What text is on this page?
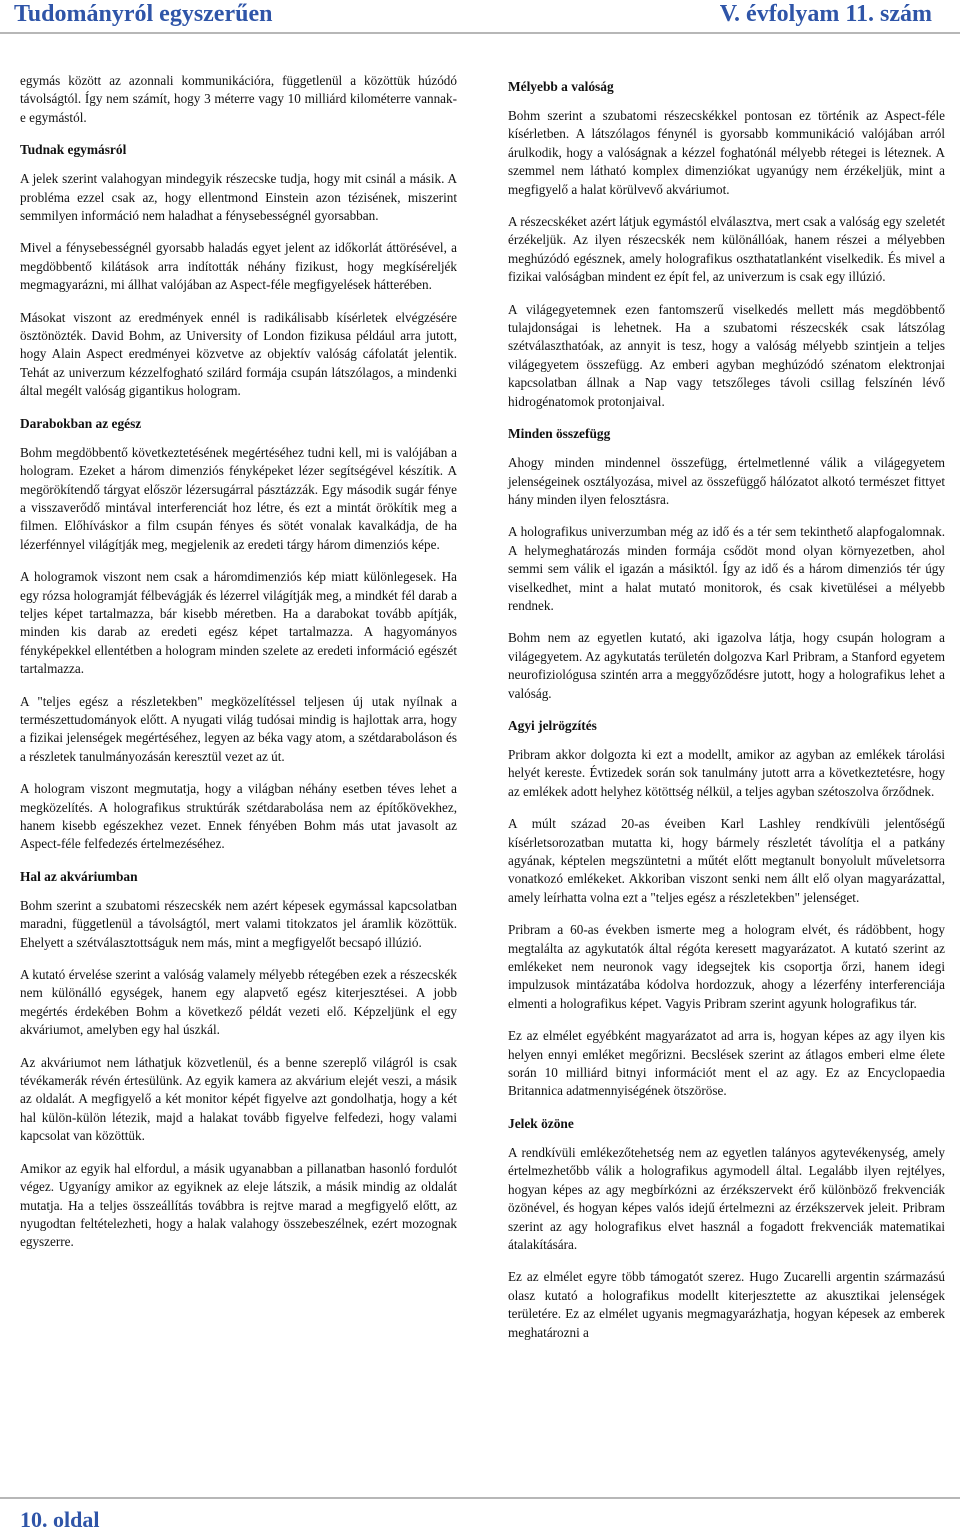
Tudományról egyszerűen	V. évfolyam 11. szám

egymás között az azonnali kommunikációra, függetlenül a közöttük húzódó távolságtól. Így nem számít, hogy 3 méterre vagy 10 milliárd kilométerre vannak-e egymástól.

Tudnak egymásról

A jelek szerint valahogyan mindegyik részecske tudja, hogy mit csinál a másik. A probléma ezzel csak az, hogy ellentmond Einstein azon tézisének, miszerint semmilyen információ nem haladhat a fénysebességnél gyorsabban.

Mivel a fénysebességnél gyorsabb haladás egyet jelent az időkorlát áttörésével, a megdöbbentő kilátások arra indították néhány fizikust, hogy megkíséreljék megmagyarázni, mi állhat valójában az Aspect-féle megfigyelések hátterében.

Másokat viszont az eredmények ennél is radikálisabb kísérletek elvégzésére ösztönözték. David Bohm, az University of London fizikusa például arra jutott, hogy Alain Aspect eredményei közvetve az objektív valóság cáfolatát jelentik. Tehát az univerzum kézzelfogható szilárd formája csupán látszólagos, a mindenki által megélt valóság gigantikus hologram.

Darabokban az egész

Bohm megdöbbentő következtetésének megértéséhez tudni kell, mi is valójában a hologram. Ezeket a három dimenziós fényképeket lézer segítségével készítik. A megörökítendő tárgyat először lézersugárral pásztázzák. Egy második sugár fénye a visszaverődő mintával interferenciát hoz létre, és ezt a mintát örökítik meg a filmen. Előhíváskor a film csupán fényes és sötét vonalak kavalkádja, de ha lézerfénnyel világítják meg, megjelenik az eredeti tárgy három dimenziós képe.

A hologramok viszont nem csak a háromdimenziós kép miatt különlegesek. Ha egy rózsa hologramját félbevágják és lézerrel világítják meg, a mindkét fél darab a teljes képet tartalmazza, bár kisebb méretben. Ha a darabokat tovább apítják, minden kis darab az eredeti egész képet tartalmazza. A hagyományos fényképekkel ellentétben a hologram minden szelete az eredeti információ egészét tartalmazza.

A "teljes egész a részletekben" megközelítéssel teljesen új utak nyílnak a természettudományok előtt. A nyugati világ tudósai mindig is hajlottak arra, hogy a fizikai jelenségek megértéséhez, legyen az béka vagy atom, a szétdaraboláson és a részletek tanulmányozásán keresztül vezet az út.

A hologram viszont megmutatja, hogy a világban néhány esetben téves lehet a megközelítés. A holografikus struktúrák szétdarabolása nem az építőkövekhez, hanem kisebb egészekhez vezet. Ennek fényében Bohm más utat javasolt az Aspect-féle felfedezés értelmezéséhez.

Hal az akváriumban

Bohm szerint a szubatomi részecskék nem azért képesek egymással kapcsolatban maradni, függetlenül a távolságtól, mert valami titokzatos jel áramlik közöttük. Ehelyett a szétválasztottságuk nem más, mint a megfigyelőt becsapó illúzió.

A kutató érvelése szerint a valóság valamely mélyebb rétegében ezek a részecskék nem különálló egységek, hanem egy alapvető egész kiterjesztései. A jobb megértés érdekében Bohm a következő példát vezeti elő. Képzeljünk el egy akváriumot, amelyben egy hal úszkál.

Az akváriumot nem láthatjuk közvetlenül, és a benne szereplő világról is csak tévékamerák révén értesülünk. Az egyik kamera az akvárium elejét veszi, a másik az oldalát. A megfigyelő a két monitor képét figyelve azt gondolhatja, hogy a két hal külön-külön létezik, majd a halakat tovább figyelve felfedezi, hogy valami kapcsolat van közöttük.

Amikor az egyik hal elfordul, a másik ugyanabban a pillanatban hasonló fordulót végez. Ugyanígy amikor az egyiknek az eleje látszik, a másik mindig az oldalát mutatja. Ha a teljes összeállítás továbbra is rejtve marad a megfigyelő előtt, az nyugodtan feltételezheti, hogy a halak valahogy összebeszélnek, ezért mozognak egyszerre.

Mélyebb a valóság

Bohm szerint a szubatomi részecskékkel pontosan ez történik az Aspect-féle kísérletben. A látszólagos fénynél is gyorsabb kommunikáció valójában arról árulkodik, hogy a valóságnak a kézzel foghatónál mélyebb rétegei is léteznek. A szemmel nem látható komplex dimenziókat ugyanúgy nem érzékeljük, mint a megfigyelő a halat körülvevő akváriumot.

A részecskéket azért látjuk egymástól elválasztva, mert csak a valóság egy szeletét érzékeljük. Az ilyen részecskék nem különállóak, hanem részei a mélyebben meghúzódó egésznek, amely holografikus oszthatatlanként viselkedik. És mivel a fizikai valóságban mindent ez épít fel, az univerzum is csak egy illúzió.

A világegyetemnek ezen fantomszerű viselkedés mellett más megdöbbentő tulajdonságai is lehetnek. Ha a szubatomi részecskék csak látszólag szétválaszthatóak, az annyit is tesz, hogy a valóság mélyebb szintjein a teljes világegyetem összefügg. Az emberi agyban meghúzódó szénatom elektronjai kapcsolatban állnak a Nap vagy tetszőleges távoli csillag felszínén lévő hidrogénatomok protonjaival.

Minden összefügg

Ahogy minden mindennel összefügg, értelmetlenné válik a világegyetem jelenségeinek osztályozása, mivel az összefüggő hálózatot alkotó természet fittyet hány minden ilyen felosztásra.

A holografikus univerzumban még az idő és a tér sem tekinthető alapfogalomnak. A helymeghatározás minden formája csődöt mond olyan környezetben, ahol semmi sem válik el igazán a másiktól. Így az idő és a három dimenziós tér úgy viselkedhet, mint a halat mutató monitorok, és csak kivetülései a mélyebb rendnek.

Bohm nem az egyetlen kutató, aki igazolva látja, hogy csupán hologram a világegyetem. Az agykutatás területén dolgozva Karl Pribram, a Stanford egyetem neurofiziológusa szintén arra a meggyőződésre jutott, hogy a holografikus lehet a valóság.

Agyi jelrögzítés

Pribram akkor dolgozta ki ezt a modellt, amikor az agyban az emlékek tárolási helyét kereste. Évtizedek során sok tanulmány jutott arra a következtetésre, hogy az emlékek adott helyhez kötöttség nélkül, a teljes agyban szétoszolva őrződnek.

A múlt század 20-as éveiben Karl Lashley rendkívüli jelentőségű kísérletsorozatban mutatta ki, hogy bármely részletét távolítja el a patkány agyának, képtelen megszüntetni a műtét előtt megtanult bonyolult műveletsorra vonatkozó emlékeket. Akkoriban viszont senki nem állt elő olyan magyarázattal, amely leírhatta volna ezt a "teljes egész a részletekben" jelenséget.

Pribram a 60-as években ismerte meg a hologram elvét, és rádöbbent, hogy megtalálta az agykutatók által régóta keresett magyarázatot. A kutató szerint az emlékeket nem neuronok vagy idegsejtek kis csoportja őrzi, hanem idegi impulzusok mintázatába kódolva hordozzuk, ahogy a lézerfény interferenciája elmenti a holografikus képet. Vagyis Pribram szerint agyunk holografikus tár.

Ez az elmélet egyébként magyarázatot ad arra is, hogyan képes az agy ilyen kis helyen ennyi emléket megőrizni. Becslések szerint az átlagos emberi elme élete során 10 milliárd bitnyi információt ment el az agy. Ez az Encyclopaedia Britannica adatmennyiségének ötszöröse.

Jelek özöne

A rendkívüli emlékezőtehetség nem az egyetlen talányos agytevékenység, amely értelmezhetőbb válik a holografikus agymodell által. Legalább ilyen rejtélyes, hogyan képes az agy megbírkózni az érzékszervekt érő különböző frekvenciák özönével, és hogyan képes valós idejű értelmezni az érzékszervek jeleit. Pribram szerint az agy holografikus elvet használ a fogadott frekvenciák matematikai átalakítására.

Ez az elmélet egyre több támogatót szerez. Hugo Zucarelli argentin származású olasz kutató a holografikus modellt kiterjesztette az akusztikai jelenségek területére. Ez az elmélet ugyanis megmagyarázhatja, hogyan képesek az emberek meghatározni a

10. oldal
